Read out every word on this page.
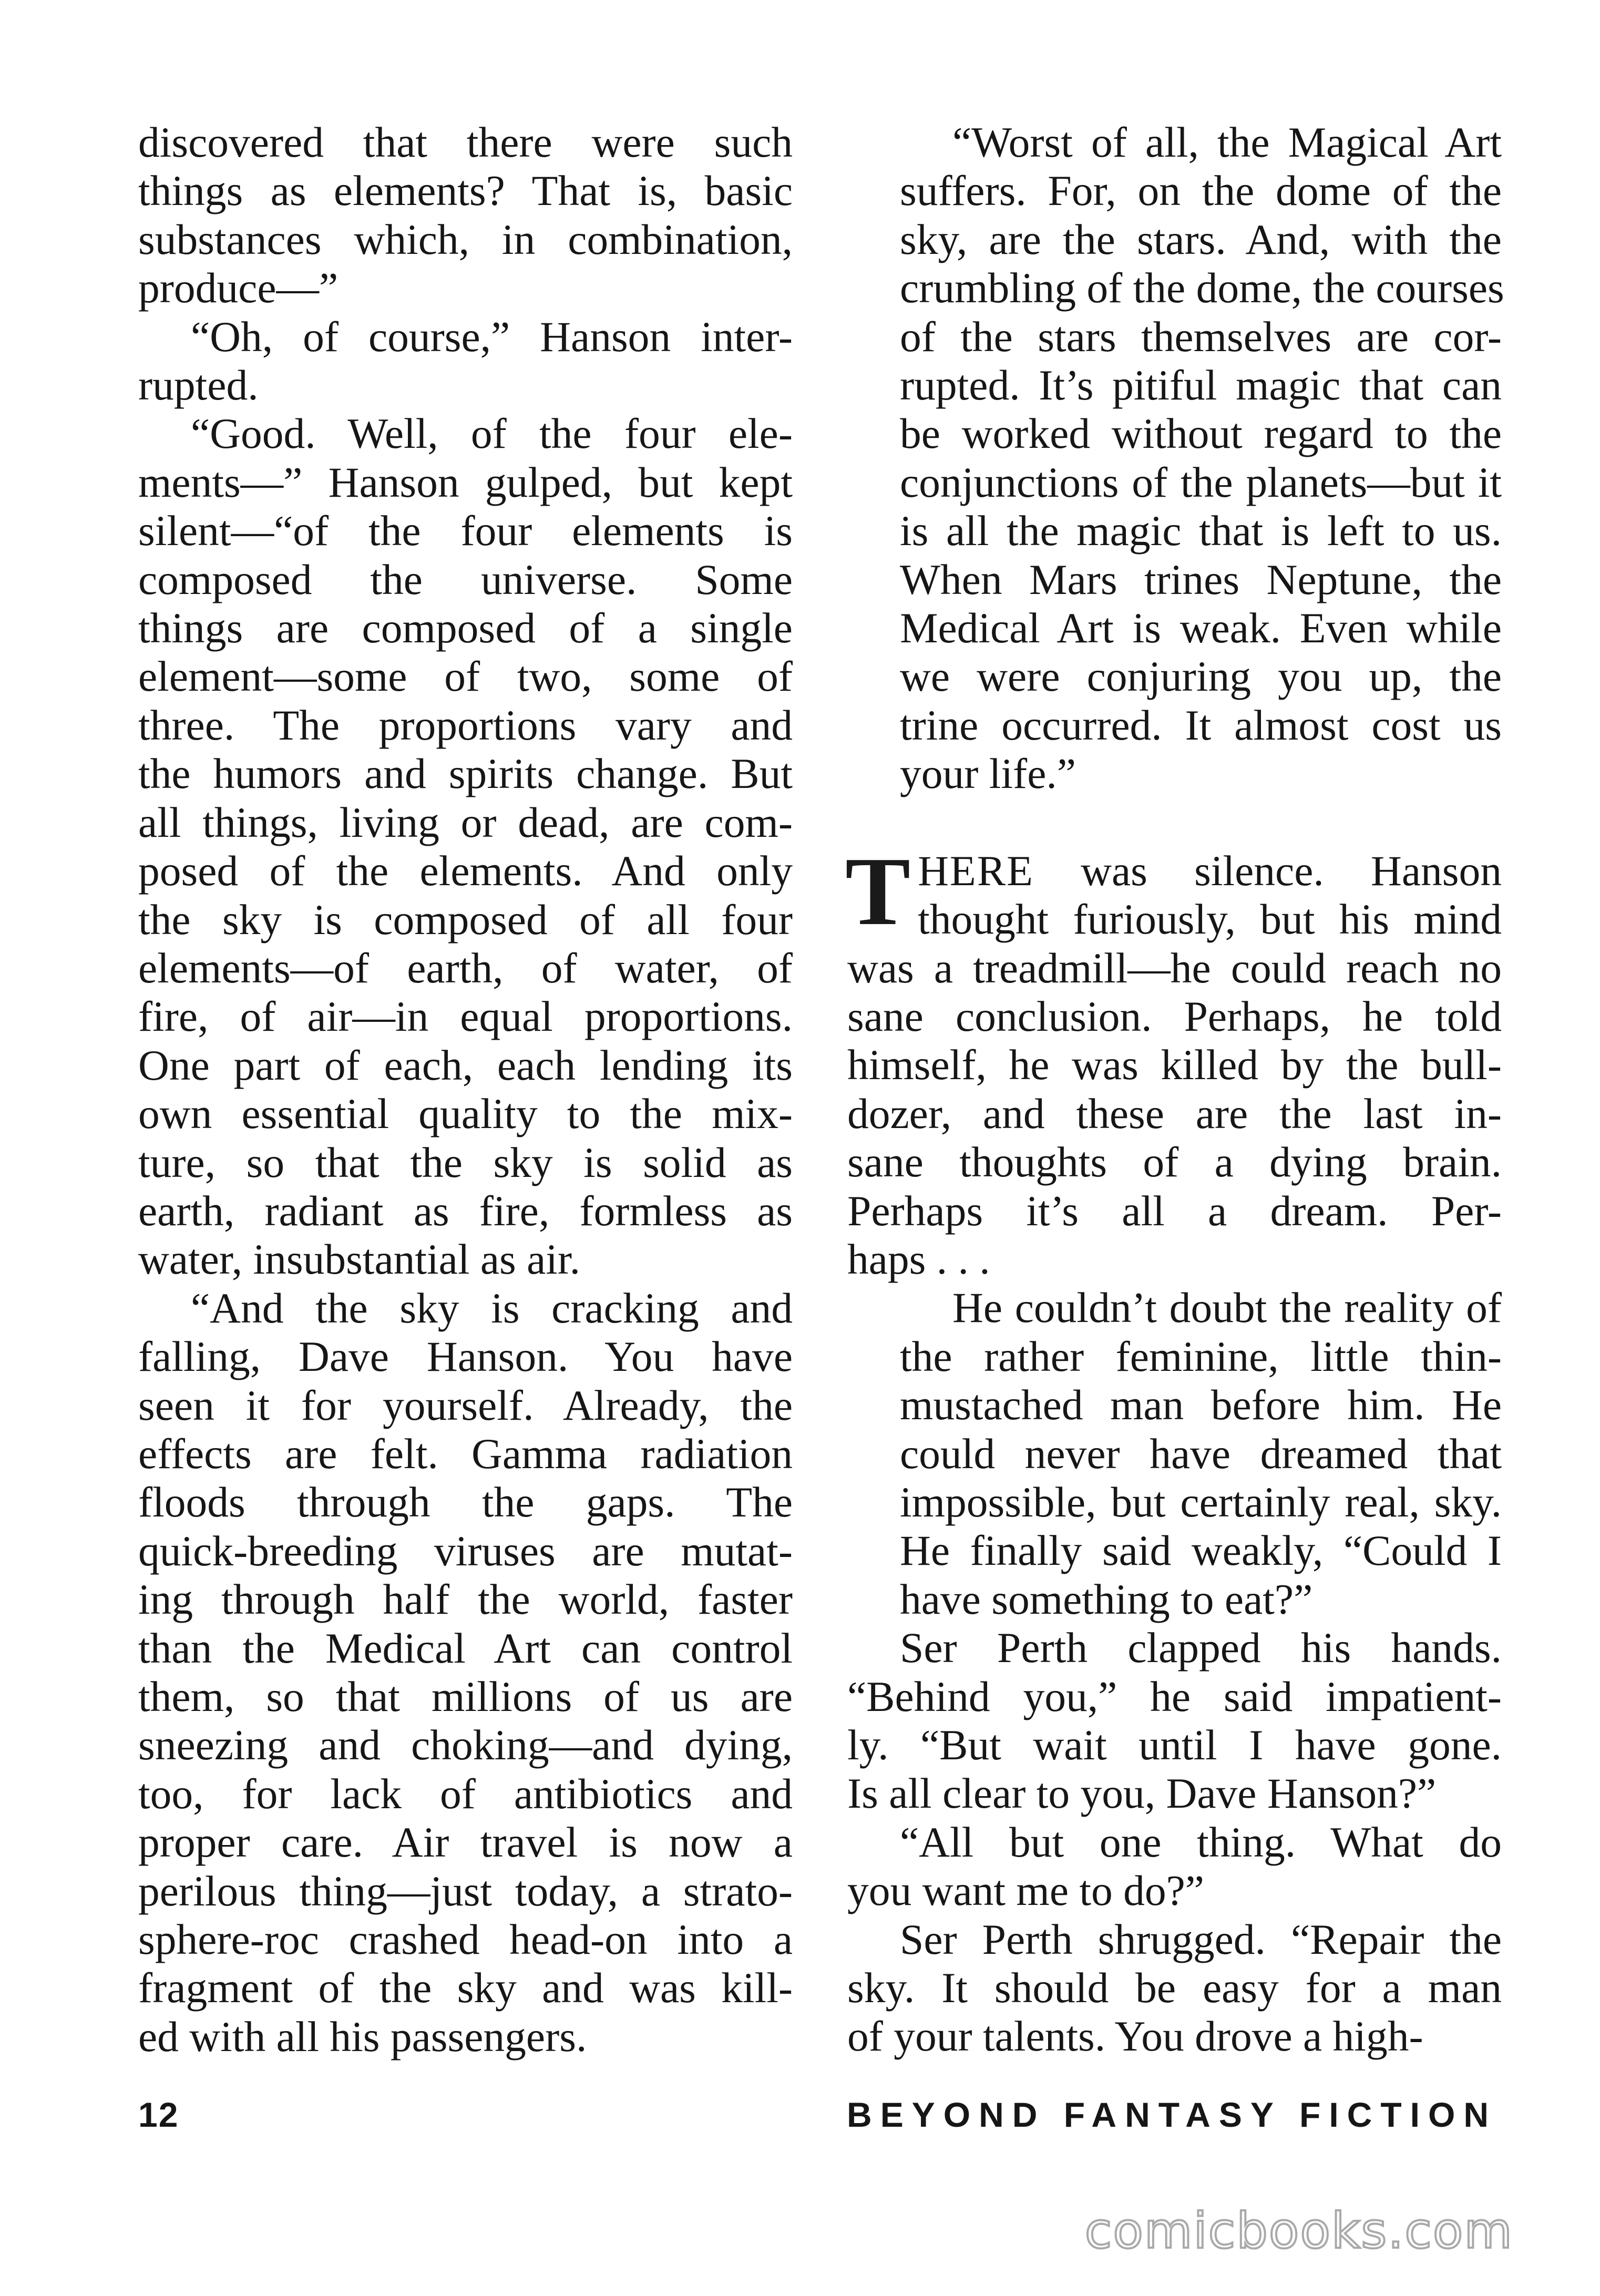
discovered that there were such
things as elements? That is, basic
substances which, in combination,
produce—”
“Oh, of course,” Hanson inter-
rupted.
“Good. Well, of the four ele-
ments—” Hanson gulped, but kept
silent—“of the four elements is
composed the universe. Some
things are composed of a single
element—some of two, some of
three. The proportions vary and
the humors and spirits change. But
all things, living or dead, are com-
posed of the elements. And only
the sky is composed of all four
elements—of earth, of water, of
fire, of air—in equal proportions.
One part of each, each lending its
own essential quality to the mix-
ture, so that the sky is solid as
earth, radiant as fire, formless as
water, insubstantial as air.
“And the sky is cracking and
falling, Dave Hanson. You have
seen it for yourself. Already, the
effects are felt. Gamma radiation
floods through the gaps. The
quick-breeding viruses are mutat-
ing through half the world, faster
than the Medical Art can control
them, so that millions of us are
sneezing and choking—and dying,
too, for lack of antibiotics and
proper care. Air travel is now a
perilous thing—just today, a strato-
sphere-roc crashed head-on into a
fragment of the sky and was kill-
ed with all his passengers.
“Worst of all, the Magical Art
suffers. For, on the dome of the
sky, are the stars. And, with the
crumbling of the dome, the courses
of the stars themselves are cor-
rupted. It’s pitiful magic that can
be worked without regard to the
conjunctions of the planets—but it
is all the magic that is left to us.
When Mars trines Neptune, the
Medical Art is weak. Even while
we were conjuring you up, the
trine occurred. It almost cost us
your life.”
T HERE was silence. Hanson
thought furiously, but his mind
was a treadmill—he could reach no
sane conclusion. Perhaps, he told
himself, he was killed by the bull-
dozer, and these are the last in-
sane thoughts of a dying brain.
Perhaps it’s all a dream. Per-
haps . . .
He couldn’t doubt the reality of
the rather feminine, little thin-
mustached man before him. He
could never have dreamed that
impossible, but certainly real, sky.
He finally said weakly, “Could I
have something to eat?”
Ser Perth clapped his hands.
“Behind you,” he said impatient-
ly. “But wait until I have gone.
Is all clear to you, Dave Hanson?”
“All but one thing. What do
you want me to do?”
Ser Perth shrugged. “Repair the
sky. It should be easy for a man
of your talents. You drove a high-
12	BEYOND FANTASY FICTION
comicbooks.com
